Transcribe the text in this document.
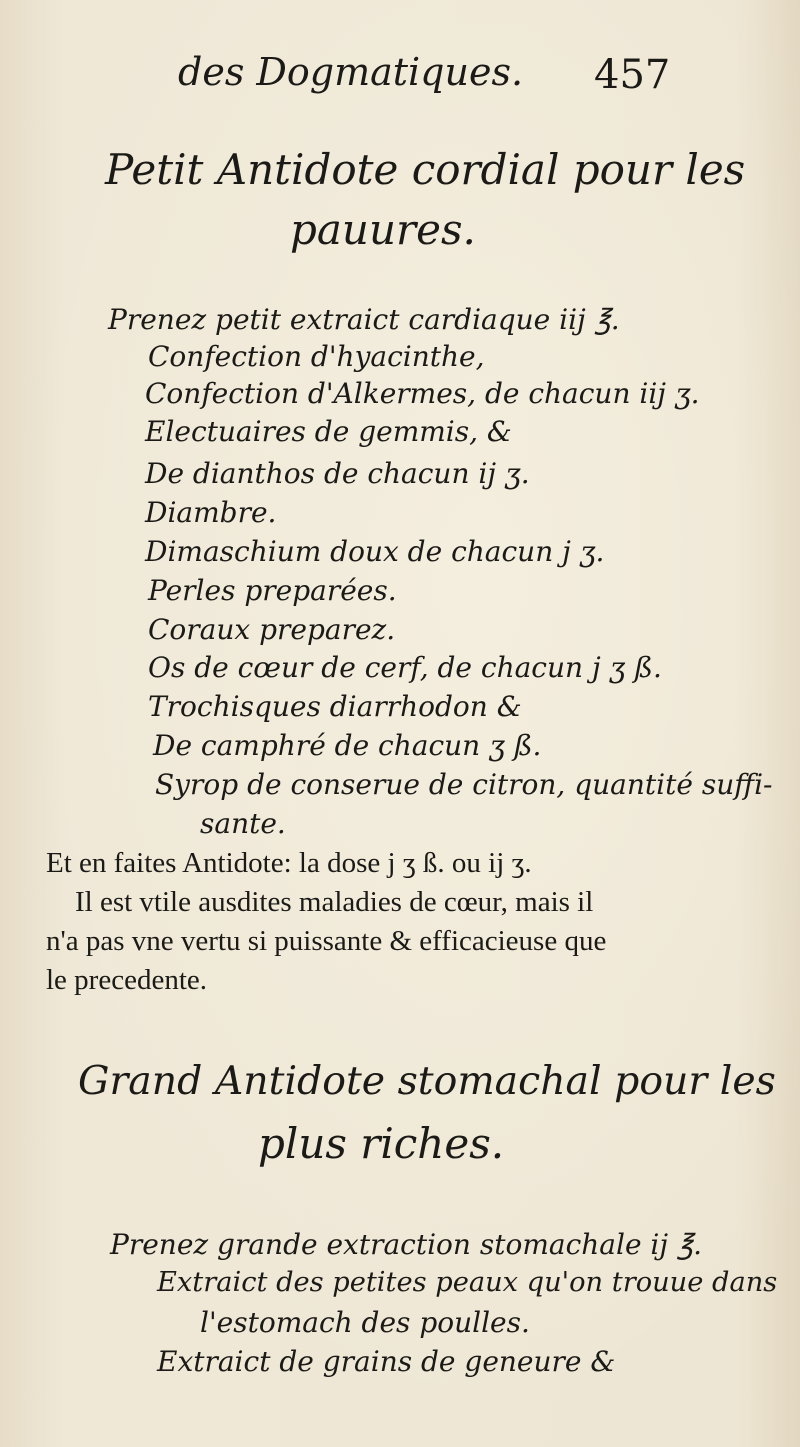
des Dogmatiques. 457
Petit Antidote cordial pour les
pauures.
Prenez petit extraict cardiaque iij ℥.
Confection d'hyacinthe,
Confection d'Alkermes, de chacun iij ʒ.
Electuaires de gemmis, &
De dianthos de chacun ij ʒ.
Diambre.
Dimaschium doux de chacun j ʒ.
Perles preparées.
Coraux preparez.
Os de cœur de cerf, de chacun j ʒ ß.
Trochisques diarrhodon &
De camphré de chacun ʒ ß.
Syrop de conserue de citron, quantité suffi-
sante.
Et en faites Antidote: la dose j ʒ ß. ou ij ʒ.
Il est vtile ausdites maladies de cœur, mais il
n'a pas vne vertu si puissante & efficacieuse que
le precedente.
Grand Antidote stomachal pour les
plus riches.
Prenez grande extraction stomachale ij ℥.
Extraict des petites peaux qu'on trouue dans
l'estomach des poulles.
Extraict de grains de geneure &
